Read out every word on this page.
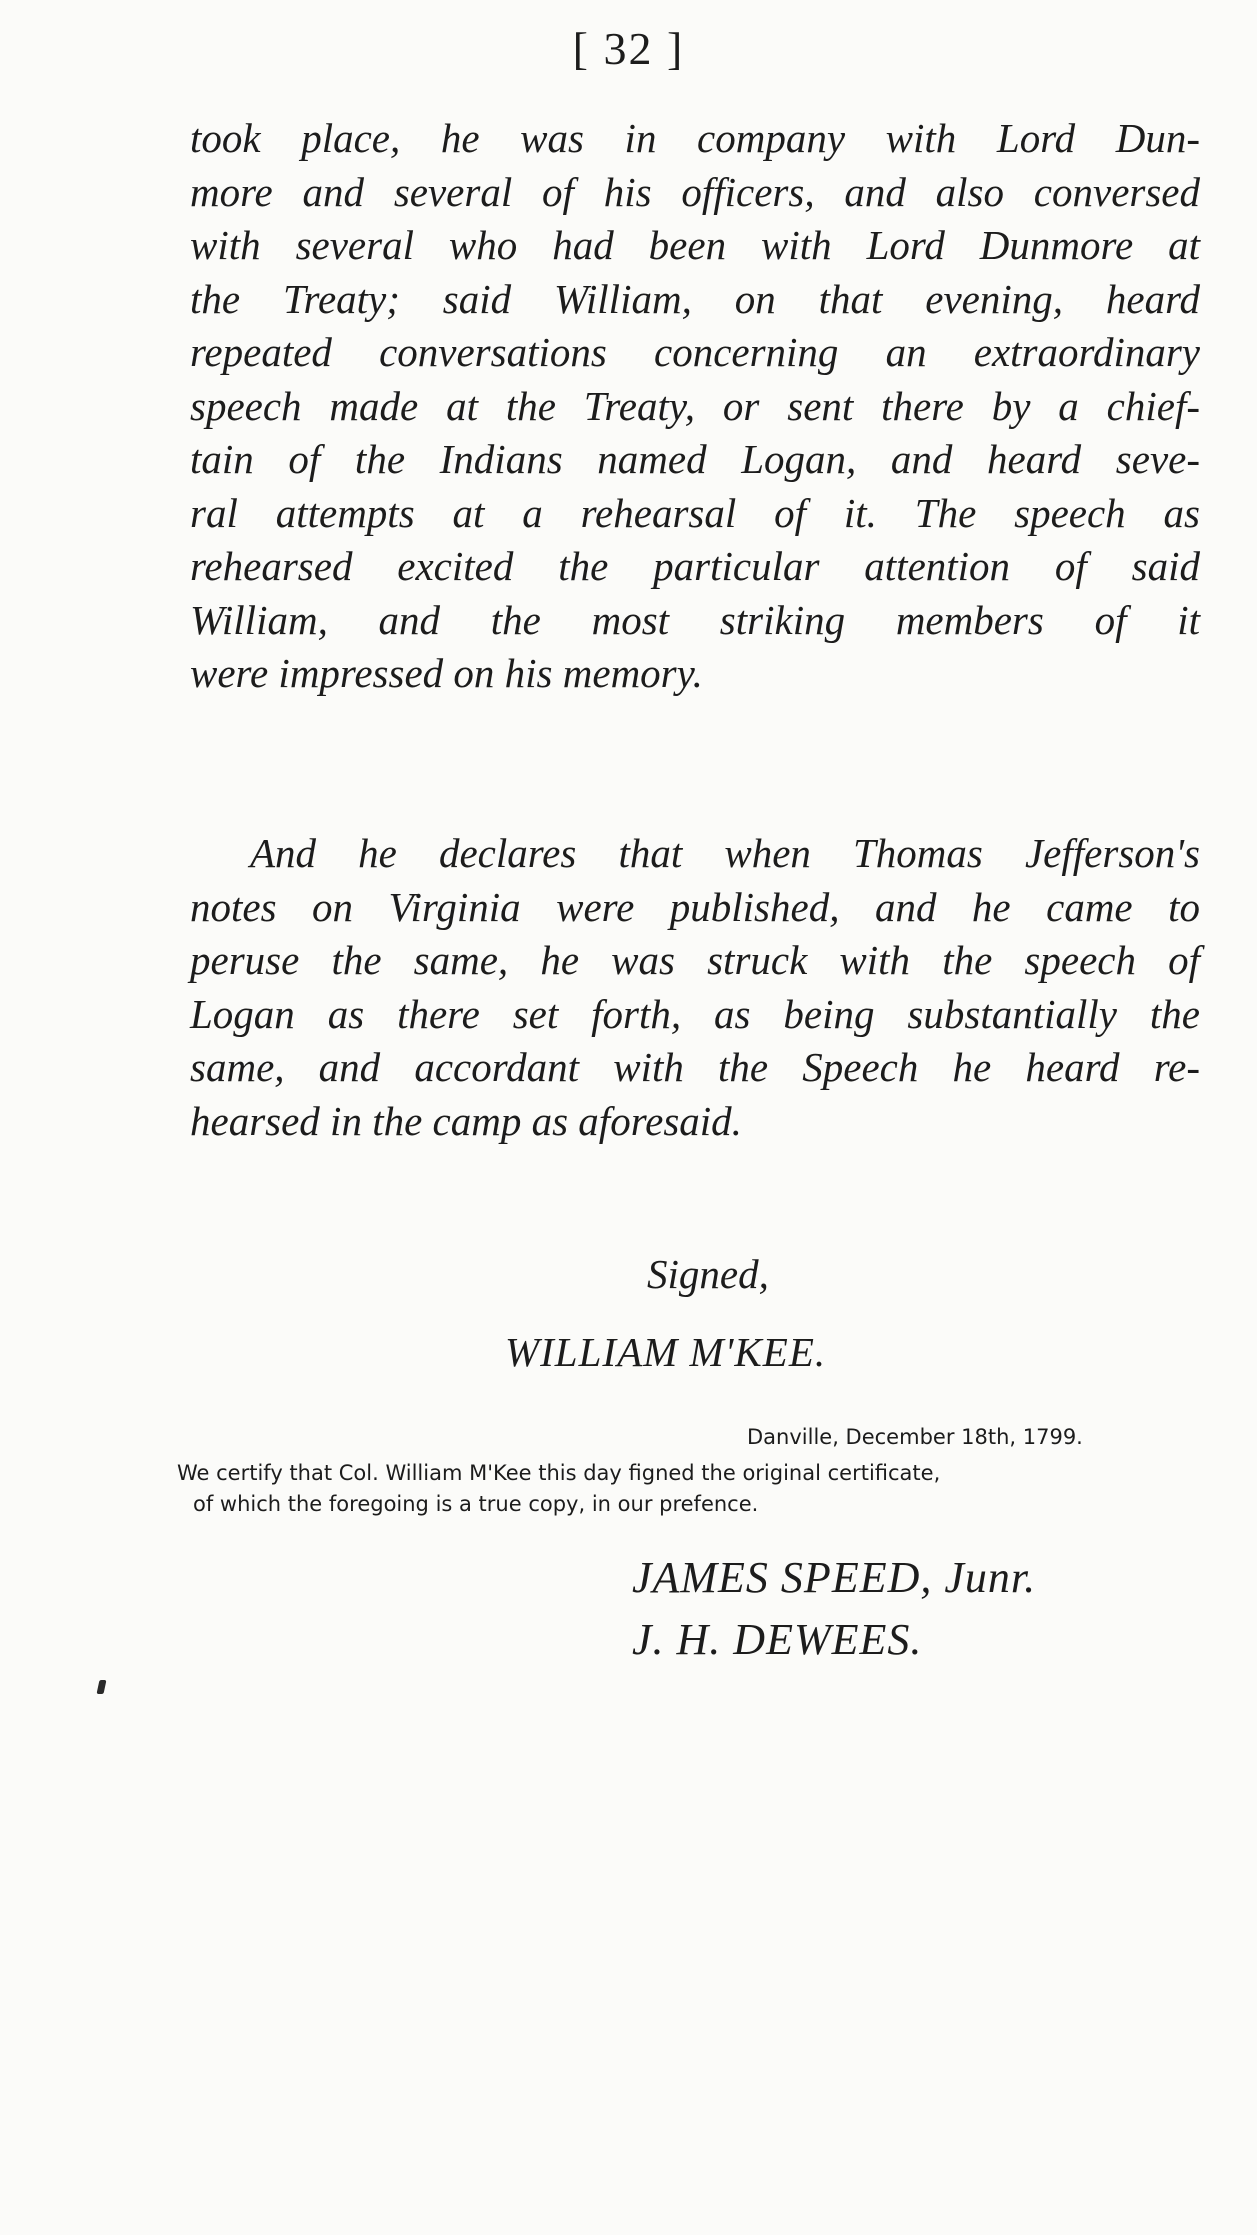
[ 32 ]
took place, he was in company with Lord Dun-
more and several of his officers, and also conversed
with several who had been with Lord Dunmore at
the Treaty; said William, on that evening, heard
repeated conversations concerning an extraordinary
speech made at the Treaty, or sent there by a chief-
tain of the Indians named Logan, and heard seve-
ral attempts at a rehearsal of it. The speech as
rehearsed excited the particular attention of said
William, and the most striking members of it
were impressed on his memory.
And he declares that when Thomas Jefferson's
notes on Virginia were published, and he came to
peruse the same, he was struck with the speech of
Logan as there set forth, as being substantially the
same, and accordant with the Speech he heard re-
hearsed in the camp as aforesaid.
Signed,
WILLIAM M'KEE.
Danville, December 18th, 1799.
We certify that Col. William M'Kee this day figned the original certificate,
of which the foregoing is a true copy, in our prefence.
JAMES SPEED, Junr.
J. H. DEWEES.
